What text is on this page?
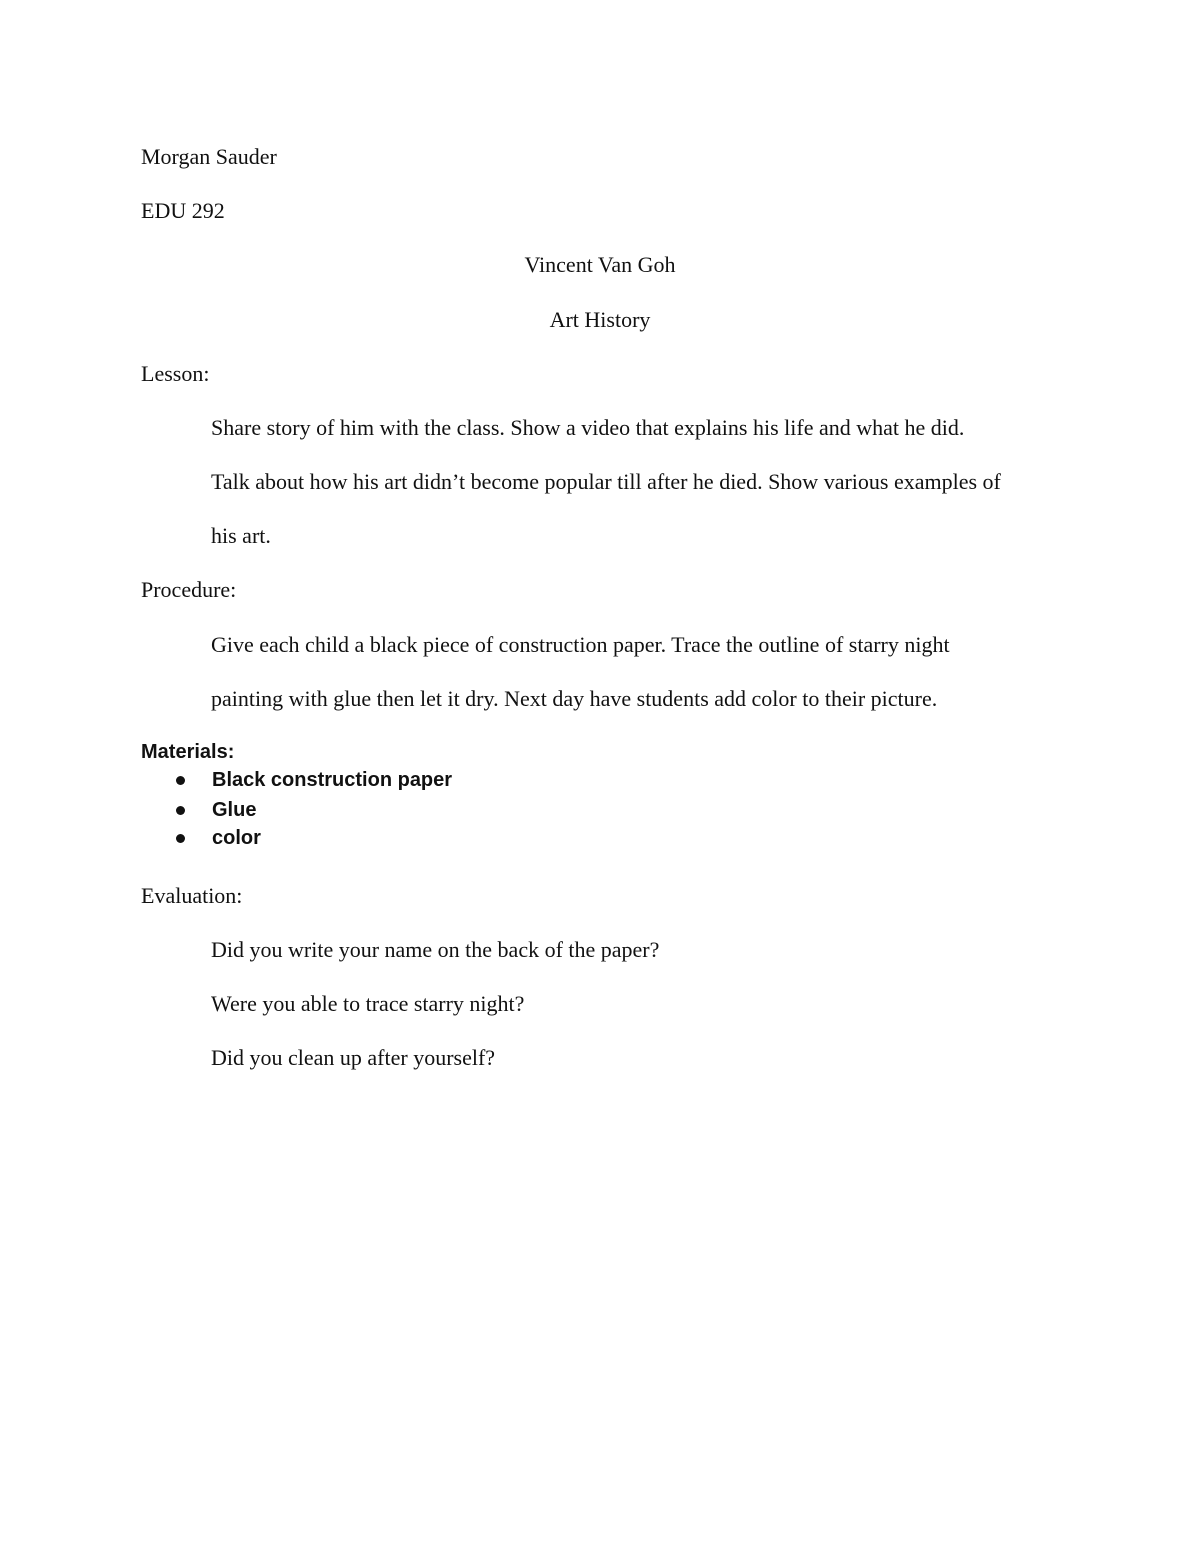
Morgan Sauder
EDU 292
Vincent Van Goh
Art History
Lesson:
Share story of him with the class. Show a video that explains his life and what he did.
Talk about how his art didn’t become popular till after he died. Show various examples of
his art.
Procedure:
Give each child a black piece of construction paper. Trace the outline of starry night
painting with glue then let it dry. Next day have students add color to their picture.
Materials:
Black construction paper
Glue
color
Evaluation:
Did you write your name on the back of the paper?
Were you able to trace starry night?
Did you clean up after yourself?
